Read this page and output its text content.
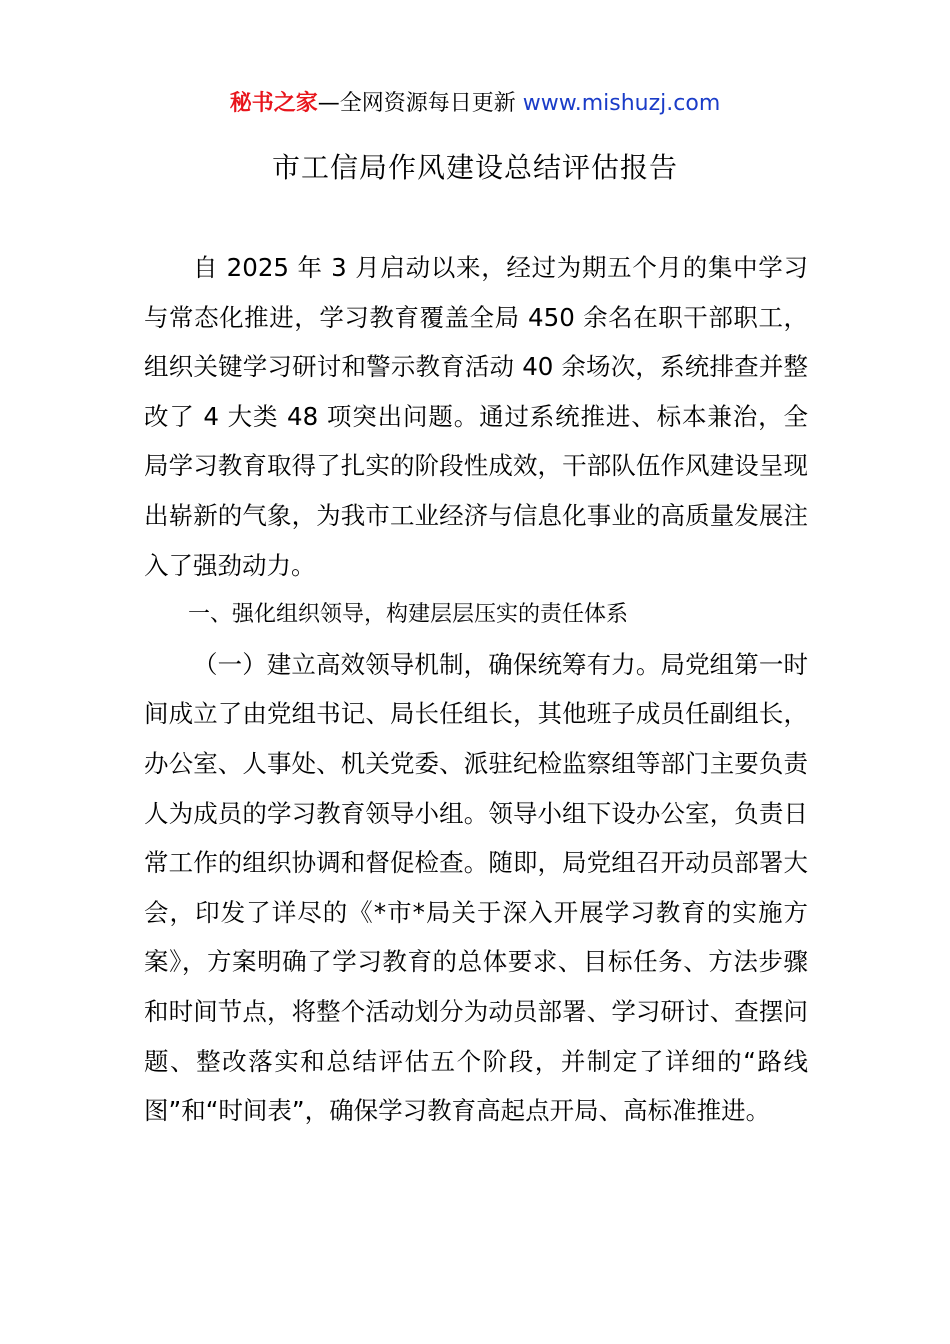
秘书之家—全网资源每日更新 www.mishuzj.com
市工信局作风建设总结评估报告

自 2025 年 3 月启动以来，经过为期五个月的集中学习与常态化推进，学习教育覆盖全局 450 余名在职干部职工，组织关键学习研讨和警示教育活动 40 余场次，系统排查并整改了 4 大类 48 项突出问题。通过系统推进、标本兼治，全局学习教育取得了扎实的阶段性成效，干部队伍作风建设呈现出崭新的气象，为我市工业经济与信息化事业的高质量发展注入了强劲动力。

一、强化组织领导，构建层层压实的责任体系

（一）建立高效领导机制，确保统筹有力。局党组第一时间成立了由党组书记、局长任组长，其他班子成员任副组长，办公室、人事处、机关党委、派驻纪检监察组等部门主要负责人为成员的学习教育领导小组。领导小组下设办公室，负责日常工作的组织协调和督促检查。随即，局党组召开动员部署大会，印发了详尽的《*市*局关于深入开展学习教育的实施方案》，方案明确了学习教育的总体要求、目标任务、方法步骤和时间节点，将整个活动划分为动员部署、学习研讨、查摆问题、整改落实和总结评估五个阶段，并制定了详细的“路线图”和“时间表”，确保学习教育高起点开局、高标准推进。
